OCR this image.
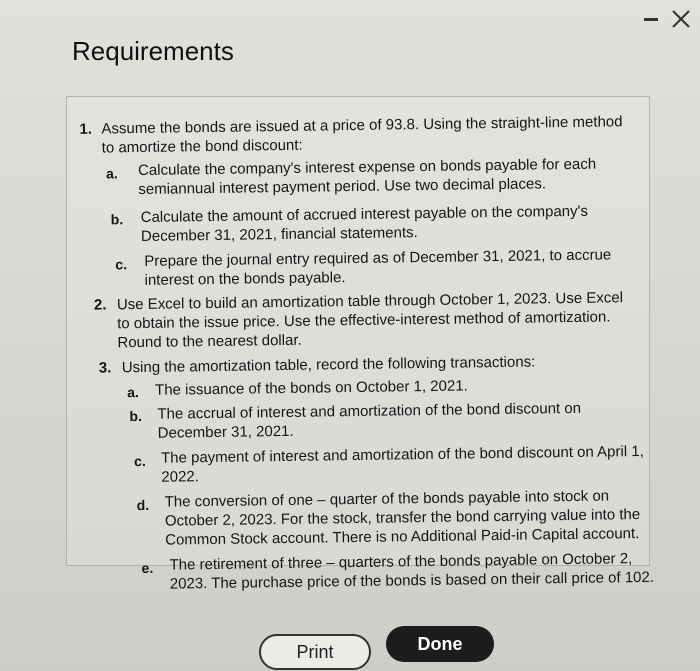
Requirements
1. Assume the bonds are issued at a price of 93.8. Using the straight-line method
to amortize the bond discount:
a. Calculate the company's interest expense on bonds payable for each
semiannual interest payment period. Use two decimal places.
b. Calculate the amount of accrued interest payable on the company's
December 31, 2021, financial statements.
c. Prepare the journal entry required as of December 31, 2021, to accrue
interest on the bonds payable.
2. Use Excel to build an amortization table through October 1, 2023. Use Excel
to obtain the issue price. Use the effective-interest method of amortization.
Round to the nearest dollar.
3. Using the amortization table, record the following transactions:
a. The issuance of the bonds on October 1, 2021.
b. The accrual of interest and amortization of the bond discount on
December 31, 2021.
c. The payment of interest and amortization of the bond discount on April 1,
2022.
d. The conversion of one – quarter of the bonds payable into stock on
October 2, 2023. For the stock, transfer the bond carrying value into the
Common Stock account. There is no Additional Paid-in Capital account.
e. The retirement of three – quarters of the bonds payable on October 2,
2023. The purchase price of the bonds is based on their call price of 102.
Print	Done
